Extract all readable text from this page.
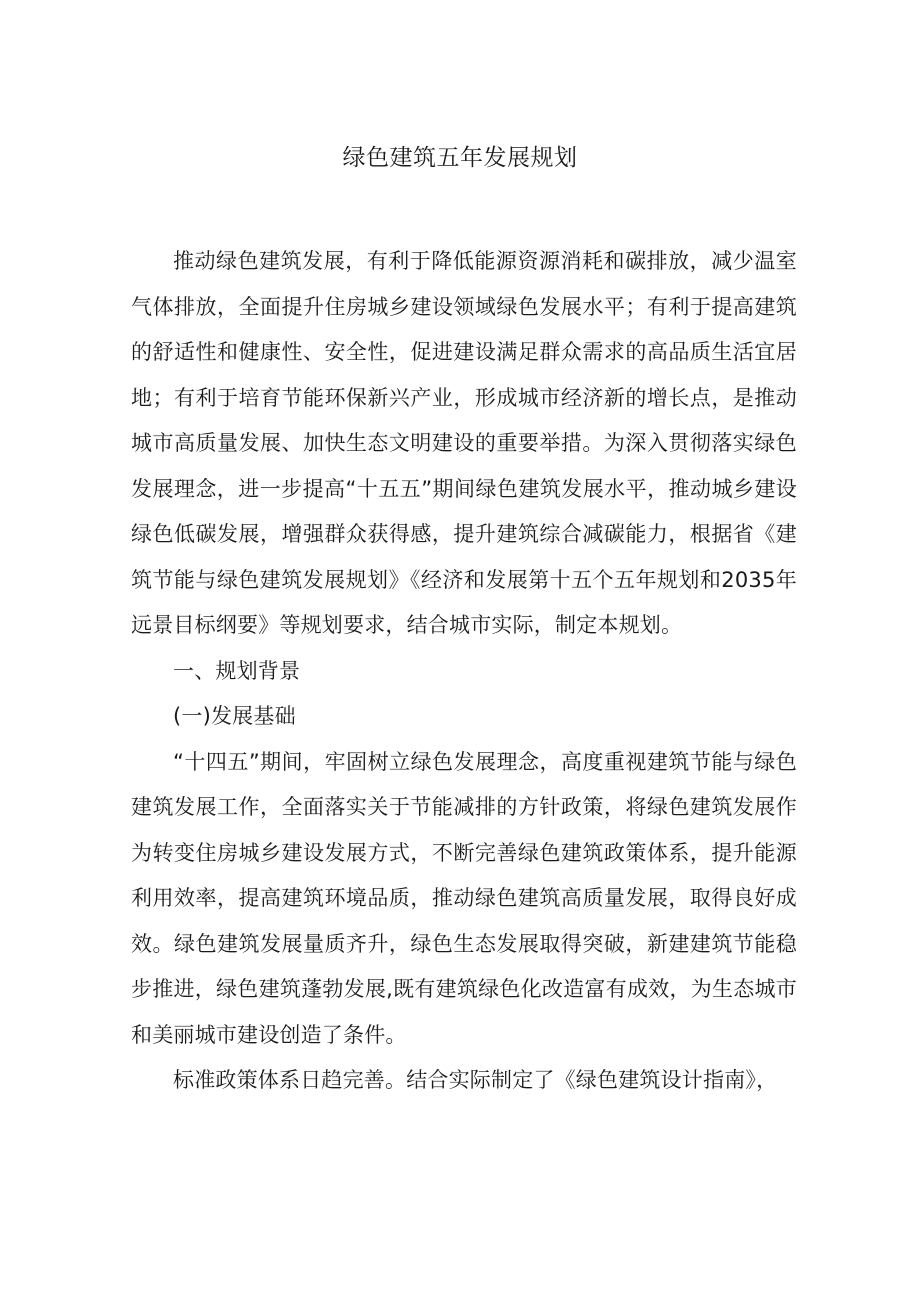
绿色建筑五年发展规划

推动绿色建筑发展，有利于降低能源资源消耗和碳排放，减少温室气体排放，全面提升住房城乡建设领域绿色发展水平；有利于提高建筑的舒适性和健康性、安全性，促进建设满足群众需求的高品质生活宜居地；有利于培育节能环保新兴产业，形成城市经济新的增长点，是推动城市高质量发展、加快生态文明建设的重要举措。为深入贯彻落实绿色发展理念，进一步提高“十五五”期间绿色建筑发展水平，推动城乡建设绿色低碳发展，增强群众获得感，提升建筑综合减碳能力，根据省《建筑节能与绿色建筑发展规划》《经济和发展第十五个五年规划和2035年远景目标纲要》等规划要求，结合城市实际，制定本规划。

一、规划背景

(一)发展基础

“十四五”期间，牢固树立绿色发展理念，高度重视建筑节能与绿色建筑发展工作，全面落实关于节能减排的方针政策，将绿色建筑发展作为转变住房城乡建设发展方式，不断完善绿色建筑政策体系，提升能源利用效率，提高建筑环境品质，推动绿色建筑高质量发展，取得良好成效。绿色建筑发展量质齐升，绿色生态发展取得突破，新建建筑节能稳步推进，绿色建筑蓬勃发展,既有建筑绿色化改造富有成效，为生态城市和美丽城市建设创造了条件。

标准政策体系日趋完善。结合实际制定了《绿色建筑设计指南》，
